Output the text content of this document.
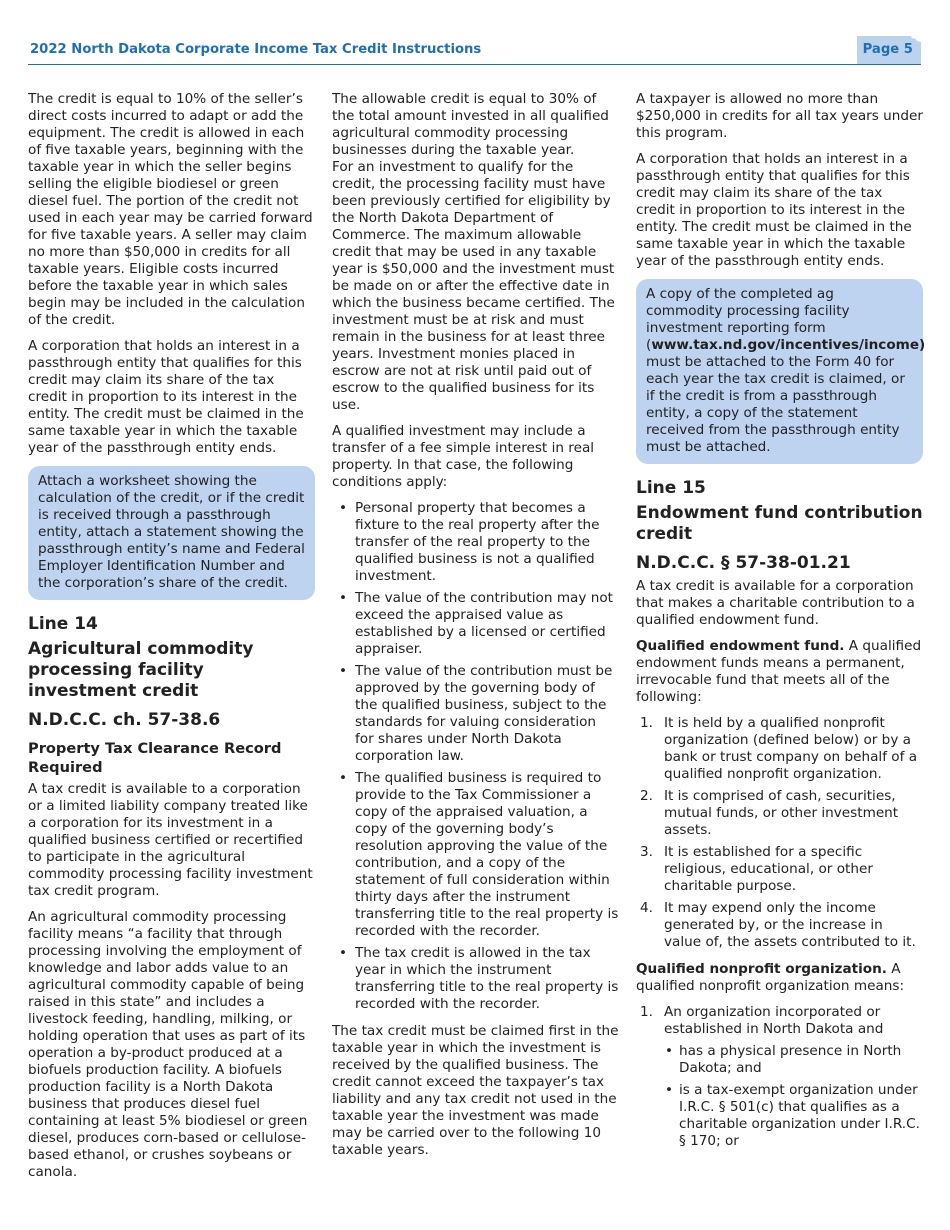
2022 North Dakota Corporate Income Tax Credit Instructions	Page 5

The credit is equal to 10% of the seller’s direct costs incurred to adapt or add the equipment. The credit is allowed in each of five taxable years, beginning with the taxable year in which the seller begins selling the eligible biodiesel or green diesel fuel. The portion of the credit not used in each year may be carried forward for five taxable years. A seller may claim no more than $50,000 in credits for all taxable years. Eligible costs incurred before the taxable year in which sales begin may be included in the calculation of the credit.

A corporation that holds an interest in a passthrough entity that qualifies for this credit may claim its share of the tax credit in proportion to its interest in the entity. The credit must be claimed in the same taxable year in which the taxable year of the passthrough entity ends.

Attach a worksheet showing the calculation of the credit, or if the credit is received through a passthrough entity, attach a statement showing the passthrough entity’s name and Federal Employer Identification Number and the corporation’s share of the credit.
Line 14
Agricultural commodity processing facility investment credit
N.D.C.C. ch. 57-38.6
Property Tax Clearance Record Required

A tax credit is available to a corporation or a limited liability company treated like a corporation for its investment in a qualified business certified or recertified to participate in the agricultural commodity processing facility investment tax credit program.

An agricultural commodity processing facility means “a facility that through processing involving the employment of knowledge and labor adds value to an agricultural commodity capable of being raised in this state” and includes a livestock feeding, handling, milking, or holding operation that uses as part of its operation a by-product produced at a biofuels production facility. A biofuels production facility is a North Dakota business that produces diesel fuel containing at least 5% biodiesel or green diesel, produces corn-based or cellulose-based ethanol, or crushes soybeans or canola.

The allowable credit is equal to 30% of the total amount invested in all qualified agricultural commodity processing businesses during the taxable year.
For an investment to qualify for the credit, the processing facility must have been previously certified for eligibility by the North Dakota Department of Commerce. The maximum allowable credit that may be used in any taxable year is $50,000 and the investment must be made on or after the effective date in which the business became certified. The investment must be at risk and must remain in the business for at least three years. Investment monies placed in escrow are not at risk until paid out of escrow to the qualified business for its use.

A qualified investment may include a transfer of a fee simple interest in real property. In that case, the following conditions apply:

• Personal property that becomes a fixture to the real property after the transfer of the real property to the qualified business is not a qualified investment.
• The value of the contribution may not exceed the appraised value as established by a licensed or certified appraiser.
• The value of the contribution must be approved by the governing body of the qualified business, subject to the standards for valuing consideration for shares under North Dakota corporation law.
• The qualified business is required to provide to the Tax Commissioner a copy of the appraised valuation, a copy of the governing body’s resolution approving the value of the contribution, and a copy of the statement of full consideration within thirty days after the instrument transferring title to the real property is recorded with the recorder.
• The tax credit is allowed in the tax year in which the instrument transferring title to the real property is recorded with the recorder.

The tax credit must be claimed first in the taxable year in which the investment is received by the qualified business. The credit cannot exceed the taxpayer’s tax liability and any tax credit not used in the taxable year the investment was made may be carried over to the following 10 taxable years.

A taxpayer is allowed no more than $250,000 in credits for all tax years under this program.

A corporation that holds an interest in a passthrough entity that qualifies for this credit may claim its share of the tax credit in proportion to its interest in the entity. The credit must be claimed in the same taxable year in which the taxable year of the passthrough entity ends.

A copy of the completed ag commodity processing facility investment reporting form (www.tax.nd.gov/incentives/income) must be attached to the Form 40 for each year the tax credit is claimed, or if the credit is from a passthrough entity, a copy of the statement received from the passthrough entity must be attached.
Line 15
Endowment fund contribution credit
N.D.C.C. § 57-38-01.21

A tax credit is available for a corporation that makes a charitable contribution to a qualified endowment fund.

Qualified endowment fund. A qualified endowment funds means a permanent, irrevocable fund that meets all of the following:

1. It is held by a qualified nonprofit organization (defined below) or by a bank or trust company on behalf of a qualified nonprofit organization.
2. It is comprised of cash, securities, mutual funds, or other investment assets.
3. It is established for a specific religious, educational, or other charitable purpose.
4. It may expend only the income generated by, or the increase in value of, the assets contributed to it.

Qualified nonprofit organization. A qualified nonprofit organization means:

1. An organization incorporated or established in North Dakota and
• has a physical presence in North Dakota; and
• is a tax-exempt organization under I.R.C. § 501(c) that qualifies as a charitable organization under I.R.C. § 170; or
